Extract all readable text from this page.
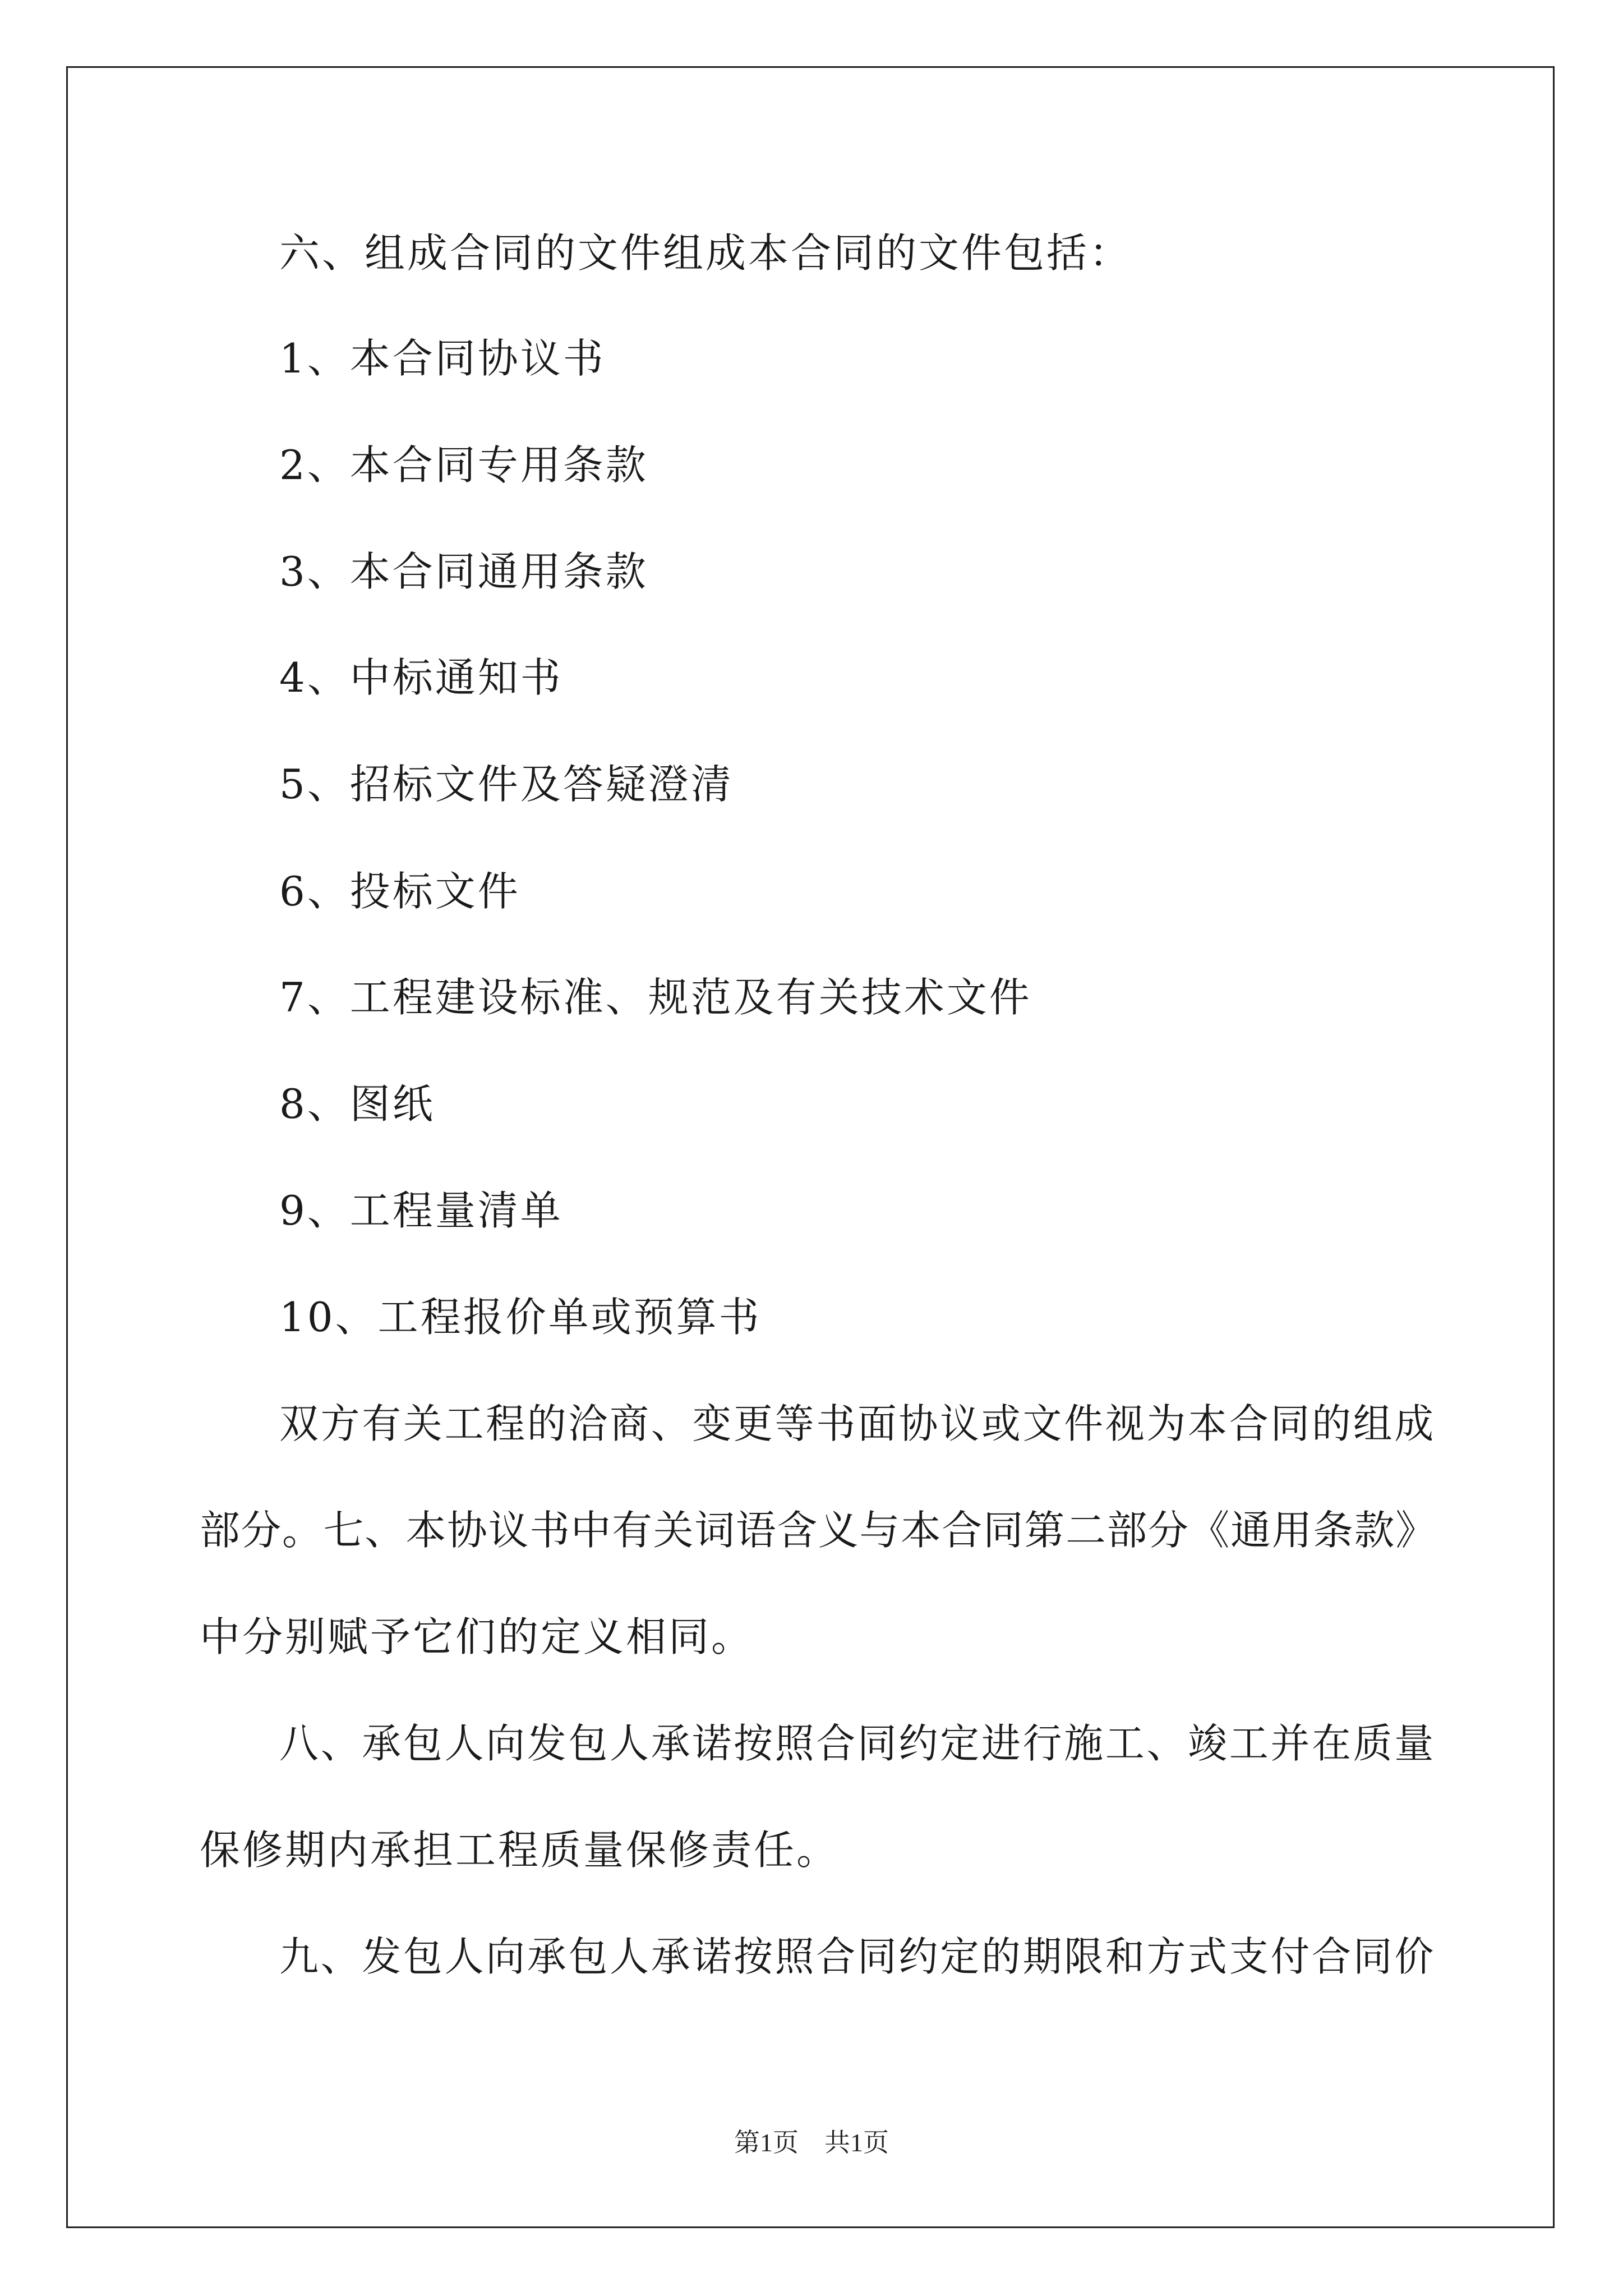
六、组成合同的文件组成本合同的文件包括：
1、本合同协议书
2、本合同专用条款
3、本合同通用条款
4、中标通知书
5、招标文件及答疑澄清
6、投标文件
7、工程建设标准、规范及有关技术文件
8、图纸
9、工程量清单
10、工程报价单或预算书
双方有关工程的洽商、变更等书面协议或文件视为本合同的组成
部分。七、本协议书中有关词语含义与本合同第二部分《通用条款》
中分别赋予它们的定义相同。
八、承包人向发包人承诺按照合同约定进行施工、竣工并在质量
保修期内承担工程质量保修责任。
九、发包人向承包人承诺按照合同约定的期限和方式支付合同价
第1页　共1页
